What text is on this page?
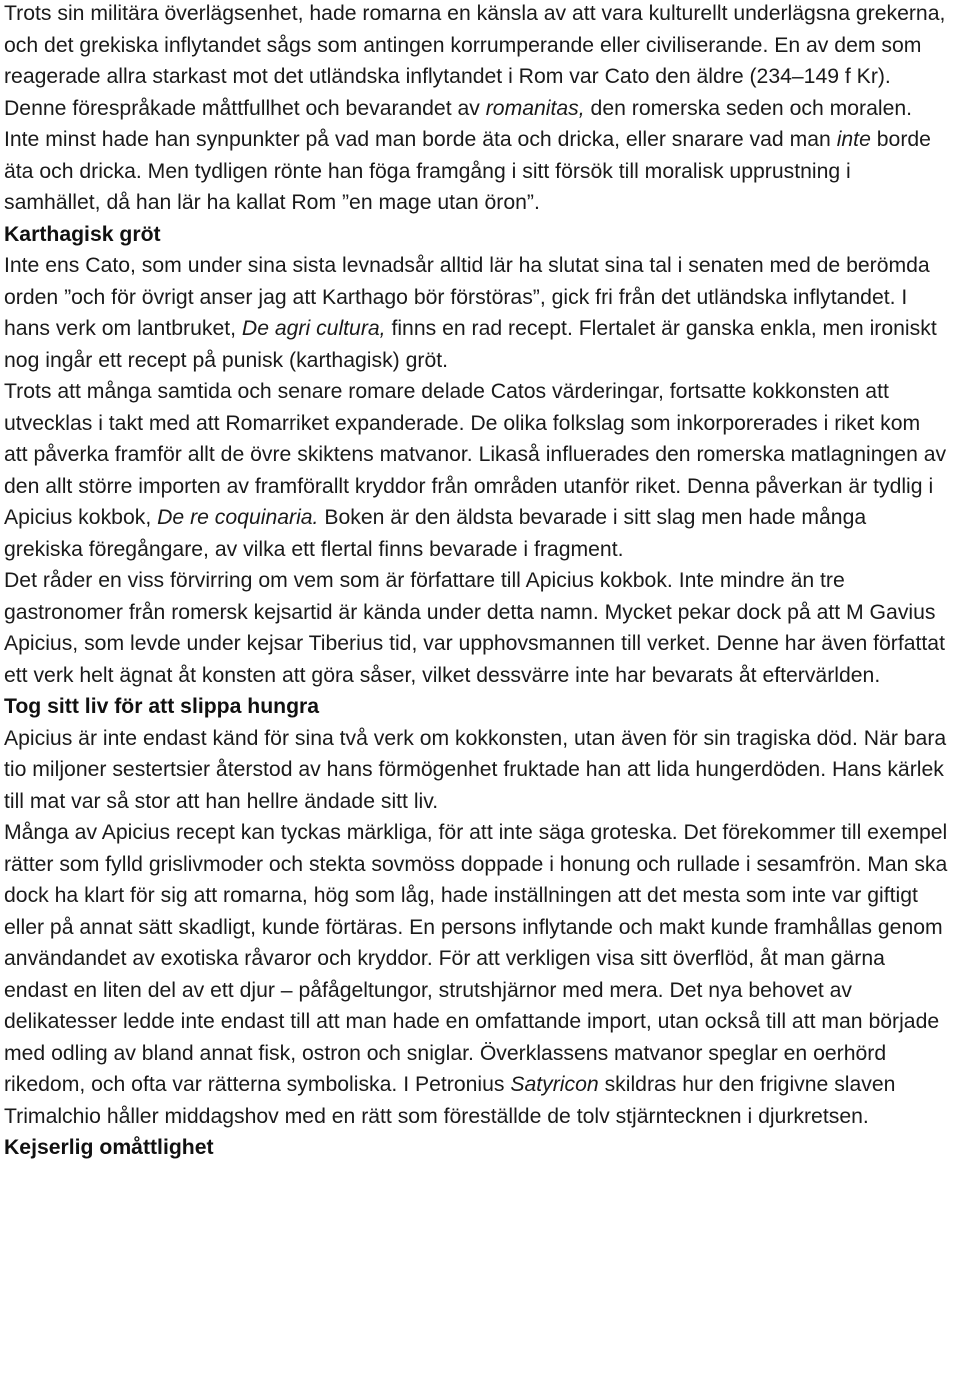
Trots sin militära överlägsenhet, hade romarna en känsla av att vara kulturellt underlägsna grekerna, och det grekiska inflytandet sågs som antingen korrumperande eller civiliserande. En av dem som reagerade allra starkast mot det utländska inflytandet i Rom var Cato den äldre (234–149 f Kr). Denne förespråkade måttfullhet och bevarandet av romanitas, den romerska seden och moralen. Inte minst hade han synpunkter på vad man borde äta och dricka, eller snarare vad man inte borde äta och dricka. Men tydligen rönte han föga framgång i sitt försök till moralisk upprustning i samhället, då han lär ha kallat Rom ”en mage utan öron”.

Karthagisk gröt

Inte ens Cato, som under sina sista levnadsår alltid lär ha slutat sina tal i senaten med de berömda orden ”och för övrigt anser jag att Karthago bör förstöras”, gick fri från det utländska inflytandet. I hans verk om lantbruket, De agri cultura, finns en rad recept. Flertalet är ganska enkla, men ironiskt nog ingår ett recept på punisk (karthagisk) gröt.

Trots att många samtida och senare romare delade Catos värderingar, fortsatte kokkonsten att utvecklas i takt med att Romarriket expanderade. De olika folkslag som inkorporerades i riket kom att påverka framför allt de övre skiktens matvanor. Likaså influerades den romerska matlagningen av den allt större importen av framförallt kryddor från områden utanför riket. Denna påverkan är tydlig i Apicius kokbok, De re coquinaria. Boken är den äldsta bevarade i sitt slag men hade många grekiska föregångare, av vilka ett flertal finns bevarade i fragment.

Det råder en viss förvirring om vem som är författare till Apicius kokbok. Inte mindre än tre gastronomer från romersk kejsartid är kända under detta namn. Mycket pekar dock på att M Gavius Apicius, som levde under kejsar Tiberius tid, var upphovsmannen till verket. Denne har även författat ett verk helt ägnat åt konsten att göra såser, vilket dessvärre inte har bevarats åt eftervärlden.

Tog sitt liv för att slippa hungra

Apicius är inte endast känd för sina två verk om kokkonsten, utan även för sin tragiska död. När bara tio miljoner sestertsier återstod av hans förmögenhet fruktade han att lida hungerdöden. Hans kärlek till mat var så stor att han hellre ändade sitt liv.

Många av Apicius recept kan tyckas märkliga, för att inte säga groteska. Det förekommer till exempel rätter som fylld grislivmoder och stekta sovmöss doppade i honung och rullade i sesamfrön. Man ska dock ha klart för sig att romarna, hög som låg, hade inställningen att det mesta som inte var giftigt eller på annat sätt skadligt, kunde förtäras. En persons inflytande och makt kunde framhållas genom användandet av exotiska råvaror och kryddor. För att verkligen visa sitt överflöd, åt man gärna endast en liten del av ett djur – påfågeltungor, strutshjärnor med mera. Det nya behovet av delikatesser ledde inte endast till att man hade en omfattande import, utan också till att man började med odling av bland annat fisk, ostron och sniglar. Överklassens matvanor speglar en oerhörd rikedom, och ofta var rätterna symboliska. I Petronius Satyricon skildras hur den frigivne slaven Trimalchio håller middagshov med en rätt som föreställde de tolv stjärntecknen i djurkretsen.

Kejserlig omåttlighet
